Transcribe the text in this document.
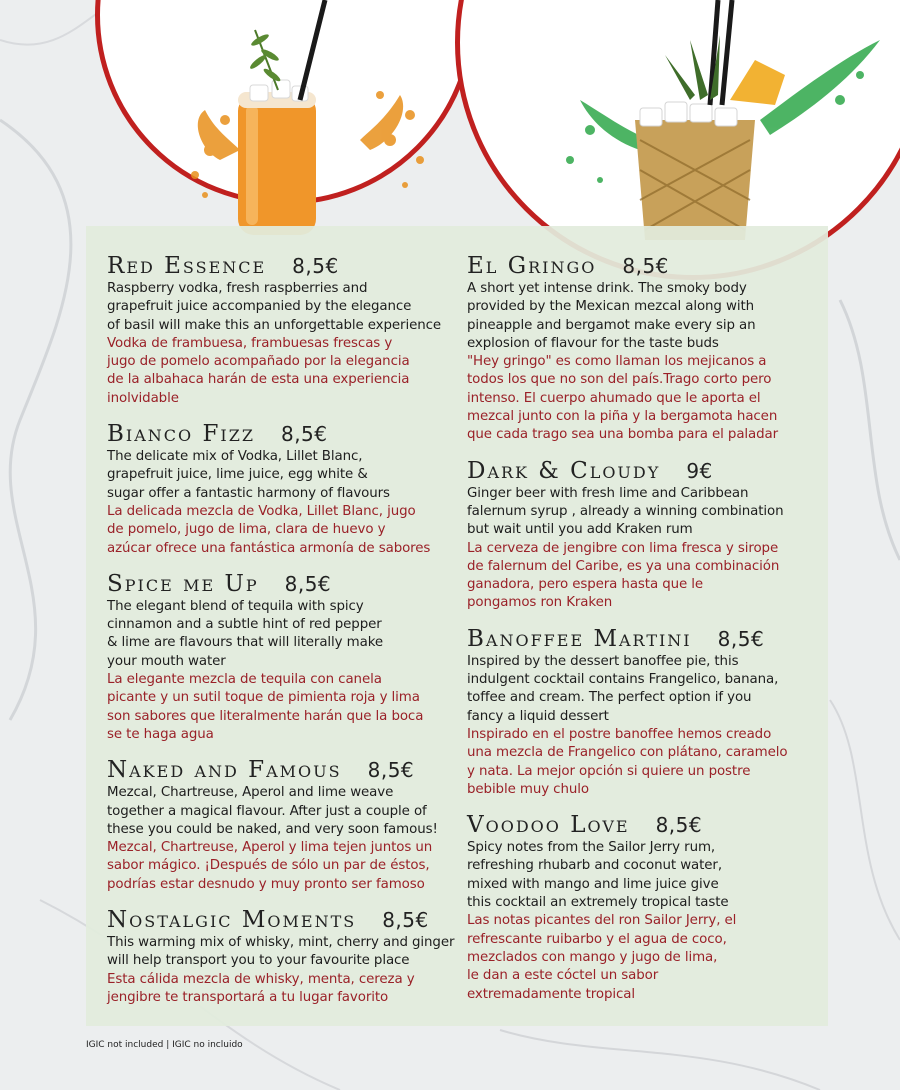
Red Essence 8,5€
Raspberry vodka, fresh raspberries and
grapefruit juice accompanied by the elegance
of basil will make this an unforgettable experience
Vodka de frambuesa, frambuesas frescas y
jugo de pomelo acompañado por la elegancia
de la albahaca harán de esta una experiencia
inolvidable
Bianco Fizz 8,5€
The delicate mix of Vodka, Lillet Blanc,
grapefruit juice, lime juice, egg white &
sugar offer a fantastic harmony of flavours
La delicada mezcla de Vodka, Lillet Blanc, jugo
de pomelo, jugo de lima, clara de huevo y
azúcar ofrece una fantástica armonía de sabores
Spice me Up 8,5€
The elegant blend of tequila with spicy
cinnamon and a subtle hint of red pepper
& lime are flavours that will literally make
your mouth water
La elegante mezcla de tequila con canela
picante y un sutil toque de pimienta roja y lima
son sabores que literalmente harán que la boca
se te haga agua
Naked and Famous 8,5€
Mezcal, Chartreuse, Aperol and lime weave
together a magical flavour. After just a couple of
these you could be naked, and very soon famous!
Mezcal, Chartreuse, Aperol y lima tejen juntos un
sabor mágico. ¡Después de sólo un par de éstos,
podrías estar desnudo y muy pronto ser famoso
Nostalgic Moments 8,5€
This warming mix of whisky, mint, cherry and ginger
will help transport you to your favourite place
Esta cálida mezcla de whisky, menta, cereza y
jengibre te transportará a tu lugar favorito
El Gringo 8,5€
A short yet intense drink. The smoky body
provided by the Mexican mezcal along with
pineapple and bergamot make every sip an
explosion of flavour for the taste buds
"Hey gringo" es como llaman los mejicanos a
todos los que no son del país.Trago corto pero
intenso. El cuerpo ahumado que le aporta el
mezcal junto con la piña y la bergamota hacen
que cada trago sea una bomba para el paladar
Dark & Cloudy 9€
Ginger beer with fresh lime and Caribbean
falernum syrup , already a winning combination
but wait until you add Kraken rum
La cerveza de jengibre con lima fresca y sirope
de falernum del Caribe, es ya una combinación
ganadora, pero espera hasta que le
pongamos ron Kraken
Banoffee Martini 8,5€
Inspired by the dessert banoffee pie, this
indulgent cocktail contains Frangelico, banana,
toffee and cream. The perfect option if you
fancy a liquid dessert
Inspirado en el postre banoffee hemos creado
una mezcla de Frangelico con plátano, caramelo
y nata. La mejor opción si quiere un postre
bebible muy chulo
Voodoo Love 8,5€
Spicy notes from the Sailor Jerry rum,
refreshing rhubarb and coconut water,
mixed with mango and lime juice give
this cocktail an extremely tropical taste
Las notas picantes del ron Sailor Jerry, el
refrescante ruibarbo y el agua de coco,
mezclados con mango y jugo de lima,
le dan a este cóctel un sabor
extremadamente tropical
IGIC not included | IGIC no incluido
